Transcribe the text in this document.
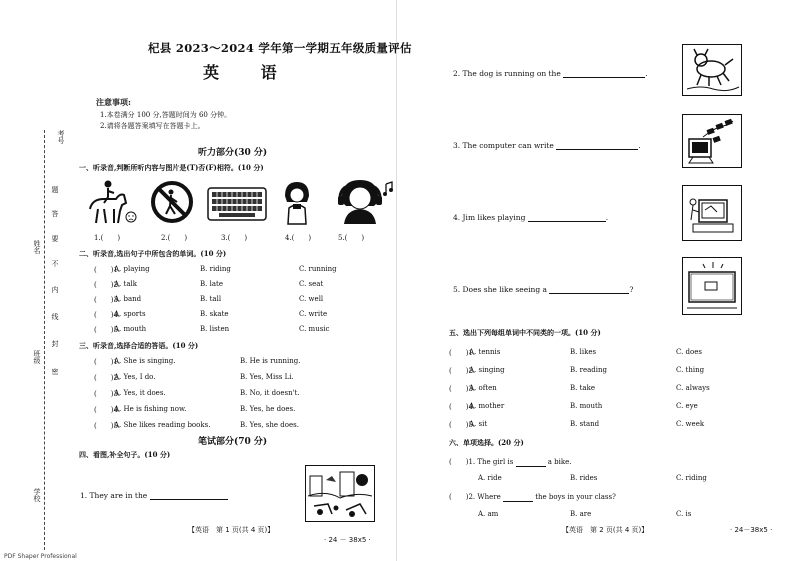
考号
题
答
要
不
内
线
封
密
姓名
班级
学校
杞县 2023～2024 学年第一学期五年级质量评估
英 语
注意事项:
1.本卷满分 100 分,答题时间为 60 分钟。
2.请将各题答案填写在答题卡上。
听力部分(30 分)
一、听录音,判断所听内容与图片是(T)否(F)相符。(10 分)
1.(　　)	2.(　　)	3.(　　)	4.(　　)	5.(　　)
二、听录音,选出句子中所包含的单词。(10 分)
(　　)1.
A. playing	B. riding	C. running
(　　)2.
A. talk	B. late	C. seat
(　　)3.
A. band	B. tall	C. well
(　　)4.
A. sports	B. skate	C. write
(　　)5.
A. mouth	B. listen	C. music
三、听录音,选择合适的答语。(10 分)
(　　)1.
A. She is singing.	B. He is running.
(　　)2.
A. Yes, I do.	B. Yes, Miss Li.
(　　)3.
A. Yes, it does.	B. No, it doesn't.
(　　)4.
A. He is fishing now.	B. Yes, he does.
(　　)5.
A. She likes reading books.	B. Yes, she does.
笔试部分(70 分)
四、看图,补全句子。(10 分)
1. They are in the
【英语　第 1 页(共 4 页)】
· 24 － 38x5 ·
PDF Shaper Professional
2. The dog is running on the	.
3. The computer can write	.
4. Jim likes playing	.
5. Does she like seeing a	?
五、选出下列每组单词中不同类的一项。(10 分)
(　　)1.
A. tennis	B. likes	C. does
(　　)2.
A. singing	B. reading	C. thing
(　　)3.
A. often	B. take	C. always
(　　)4.
A. mother	B. mouth	C. eye
(　　)5.
A. sit	B. stand	C. week
六、单项选择。(20 分)
(　　)1. The girl is	a bike.
A. ride	B. rides	C. riding
(　　)2. Where	the boys in your class?
A. am	B. are	C. is
【英语　第 2 页(共 4 页)】	· 24－38x5 ·
